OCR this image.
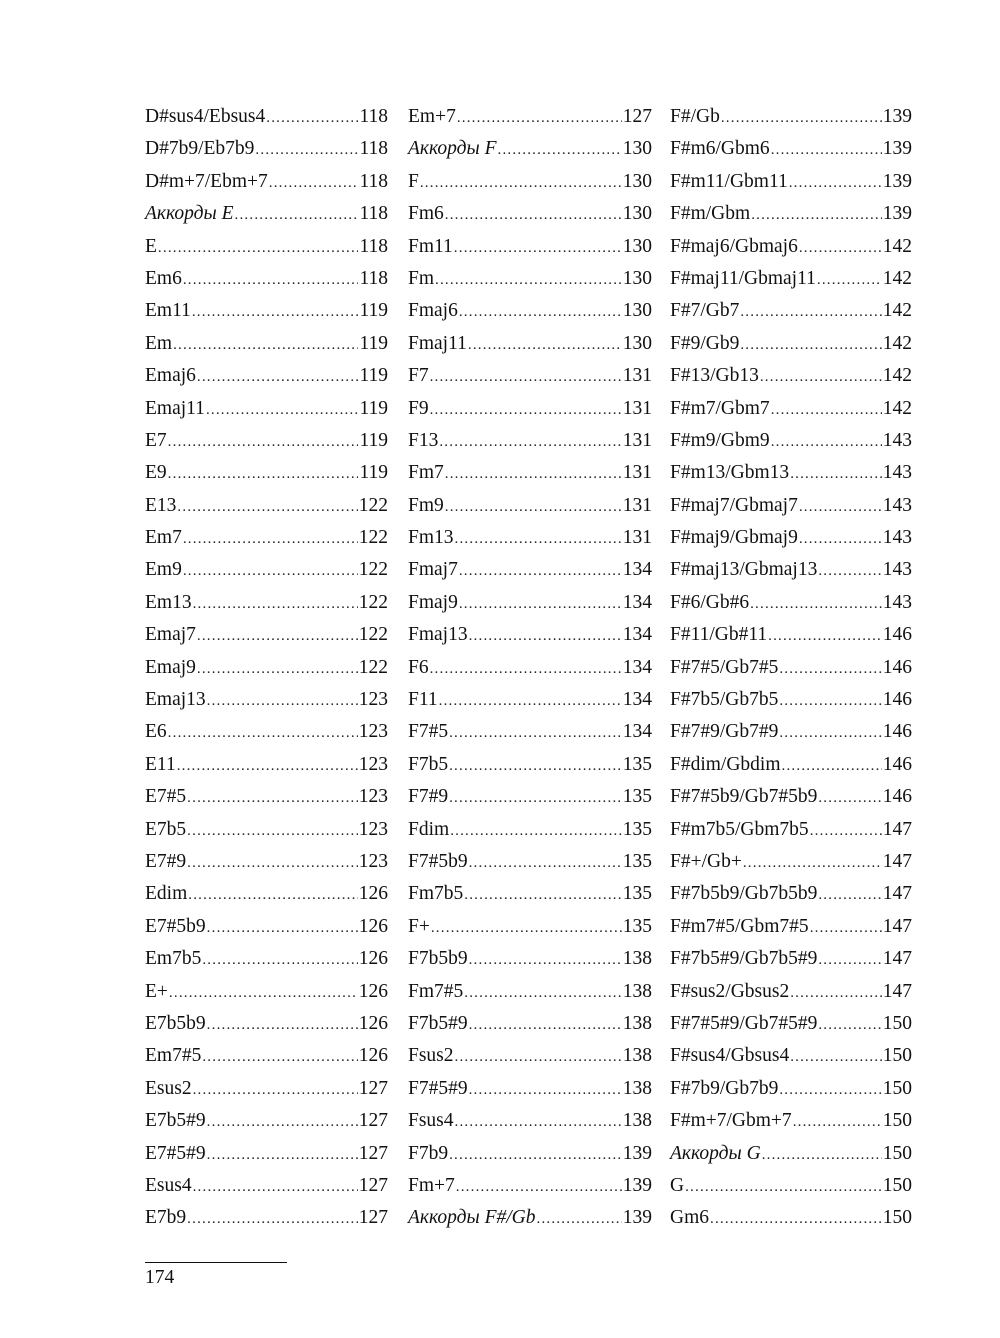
D#sus4/Ebsus4 .....	118
D#7b9/Eb7b9 .....	118
D#m+7/Ebm+7 .....	118
Аккорды E .....	118
E .....	118
Em6 .....	118
Em11 .....	119
Em .....	119
Emaj6 .....	119
Emaj11 .....	119
E7 .....	119
E9 .....	119
E13 .....	122
Em7 .....	122
Em9 .....	122
Em13 .....	122
Emaj7 .....	122
Emaj9 .....	122
Emaj13 .....	123
E6 .....	123
E11 .....	123
E7#5 .....	123
E7b5 .....	123
E7#9 .....	123
Edim .....	126
E7#5b9 .....	126
Em7b5 .....	126
E+ .....	126
E7b5b9 .....	126
Em7#5 .....	126
Esus2 .....	127
E7b5#9 .....	127
E7#5#9 .....	127
Esus4 .....	127
E7b9 .....	127
Em+7 .....	127
Аккорды F .....	130
F .....	130
Fm6 .....	130
Fm11 .....	130
Fm .....	130
Fmaj6 .....	130
Fmaj11 .....	130
F7 .....	131
F9 .....	131
F13 .....	131
Fm7 .....	131
Fm9 .....	131
Fm13 .....	131
Fmaj7 .....	134
Fmaj9 .....	134
Fmaj13 .....	134
F6 .....	134
F11 .....	134
F7#5 .....	134
F7b5 .....	135
F7#9 .....	135
Fdim .....	135
F7#5b9 .....	135
Fm7b5 .....	135
F+ .....	135
F7b5b9 .....	138
Fm7#5 .....	138
F7b5#9 .....	138
Fsus2 .....	138
F7#5#9 .....	138
Fsus4 .....	138
F7b9 .....	139
Fm+7 .....	139
Аккорды F#/Gb .....	139
F#/Gb .....	139
F#m6/Gbm6 .....	139
F#m11/Gbm11 .....	139
F#m/Gbm .....	139
F#maj6/Gbmaj6 .....	142
F#maj11/Gbmaj11 .....	142
F#7/Gb7 .....	142
F#9/Gb9 .....	142
F#13/Gb13 .....	142
F#m7/Gbm7 .....	142
F#m9/Gbm9 .....	143
F#m13/Gbm13 .....	143
F#maj7/Gbmaj7 .....	143
F#maj9/Gbmaj9 .....	143
F#maj13/Gbmaj13 .....	143
F#6/Gb#6 .....	143
F#11/Gb#11 .....	146
F#7#5/Gb7#5 .....	146
F#7b5/Gb7b5 .....	146
F#7#9/Gb7#9 .....	146
F#dim/Gbdim .....	146
F#7#5b9/Gb7#5b9 .....	146
F#m7b5/Gbm7b5 .....	147
F#+/Gb+ .....	147
F#7b5b9/Gb7b5b9 .....	147
F#m7#5/Gbm7#5 .....	147
F#7b5#9/Gb7b5#9 .....	147
F#sus2/Gbsus2 .....	147
F#7#5#9/Gb7#5#9 .....	150
F#sus4/Gbsus4 .....	150
F#7b9/Gb7b9 .....	150
F#m+7/Gbm+7 .....	150
Аккорды G .....	150
G .....	150
Gm6 .....	150
174
